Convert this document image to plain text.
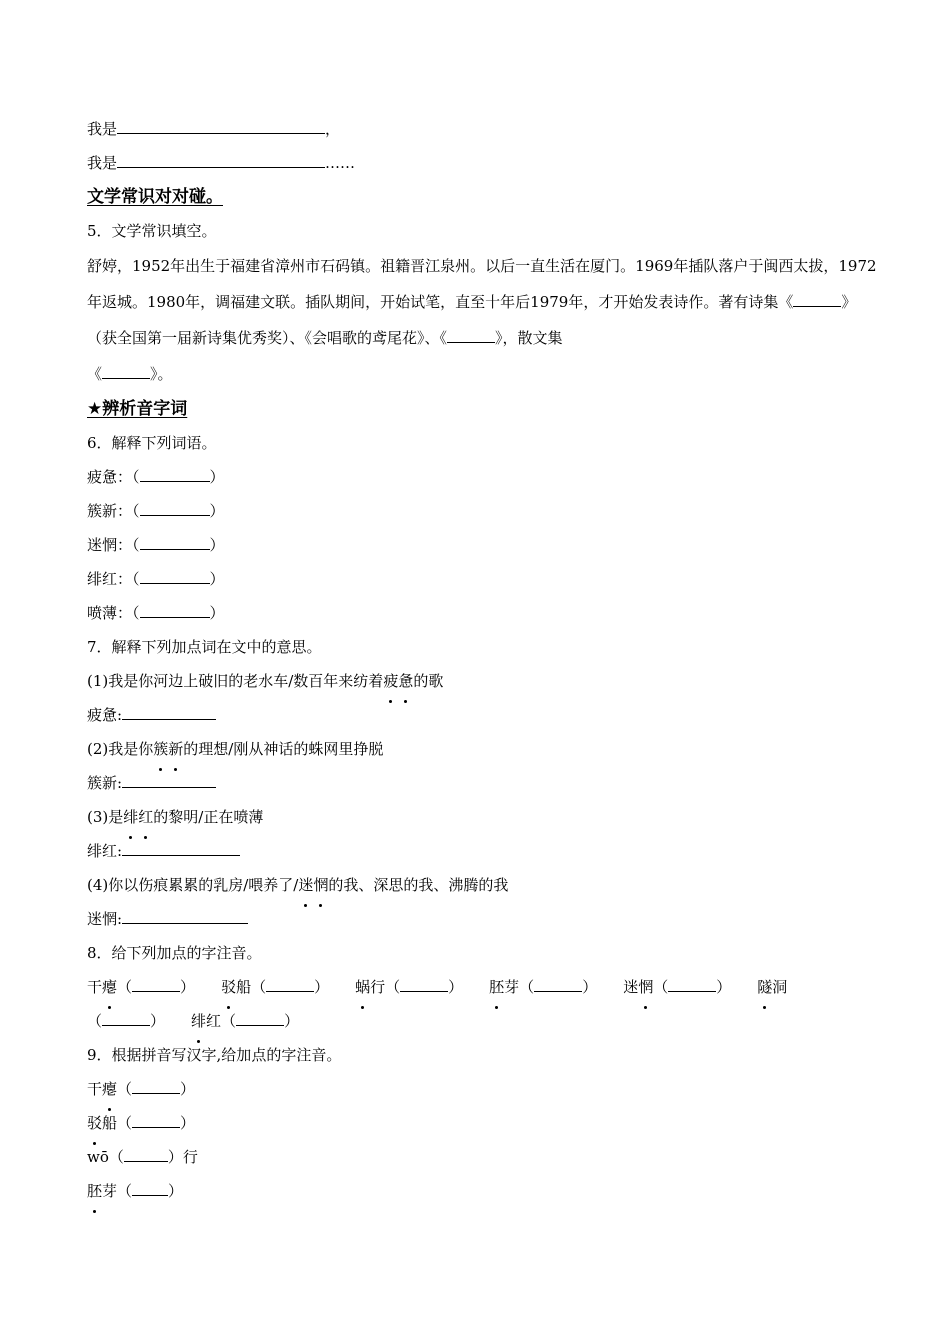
我是	，
我是	……
文学常识对对碰。
5．文学常识填空。
舒婷，1952年出生于福建省漳州市石码镇。祖籍晋江泉州。以后一直生活在厦门。1969年插队落户于闽西太拔，1972年返城。1980年，调福建文联。插队期间，开始试笔，直至十年后1979年，才开始发表诗作。著有诗集《	》（获全国第一届新诗集优秀奖）、《会唱歌的鸢尾花》、《	》，散文集
《	》。
★辨析音字词
6．解释下列词语。
疲惫：（	）
簇新：（	）
迷惘：（	）
绯红：（	）
喷薄：（	）
7．解释下列加点词在文中的意思。
(1)我是你河边上破旧的老水车/数百年来纺着疲惫的歌
疲惫:
(2)我是你簇新的理想/刚从神话的蛛网里挣脱
簇新:
(3)是绯红的黎明/正在喷薄
绯红:
(4)你以伤痕累累的乳房/喂养了/迷惘的我、深思的我、沸腾的我
迷惘:
8．给下列加点的字注音。
干瘪（	） 驳船（	） 蜗行（	） 胚芽（	） 迷惘（	） 隧洞
（	） 绯红（	）
9．根据拼音写汉字,给加点的字注音。
干瘪（	）
驳船（	）
wō（	）行
胚芽（ ）
